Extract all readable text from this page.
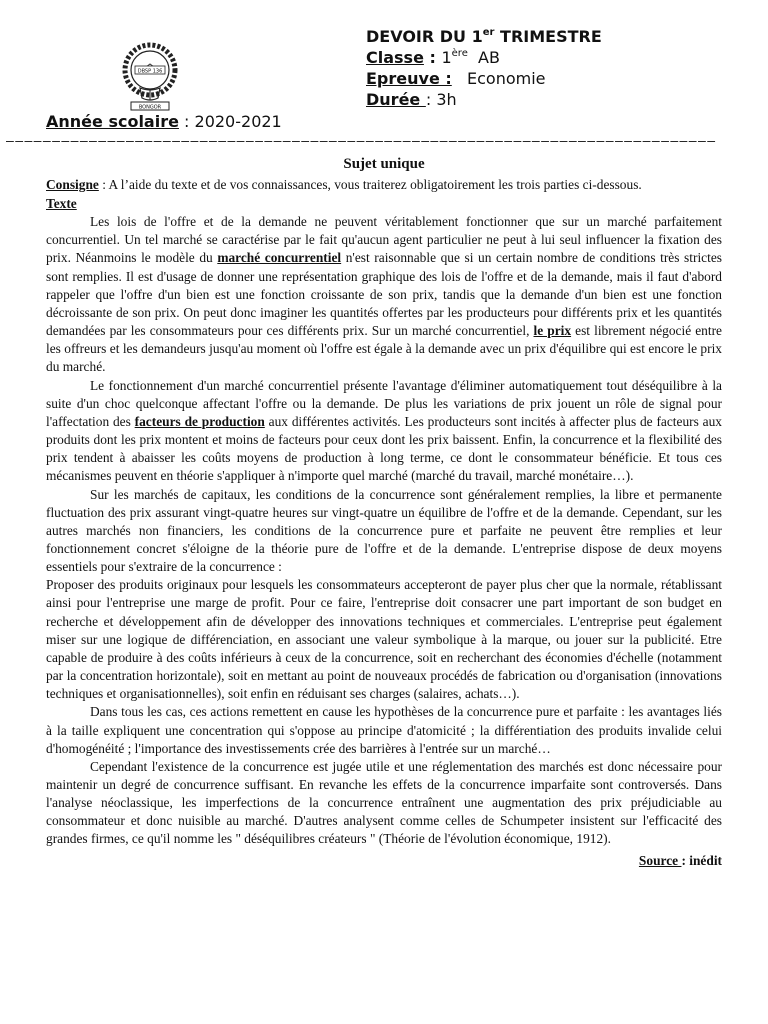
DBSP 136
BONGOR
DEVOIR DU 1er TRIMESTRE
Classe : 1ère  AB
Epreuve :   Economie
Durée : 3h
Année scolaire : 2020-2021
–––––––––––––––––––––––––––––––––––––––––––––––––––––––––––––––––––––––––––––
Sujet unique

Consigne : A l’aide du texte et de vos connaissances, vous traiterez obligatoirement les trois parties ci-dessous.

Texte

Les lois de l'offre et de la demande ne peuvent véritablement fonctionner que sur un marché parfaitement concurrentiel. Un tel marché se caractérise par le fait qu'aucun agent particulier ne peut à lui seul influencer la fixation des prix. Néanmoins le modèle du marché concurrentiel n'est raisonnable que si un certain nombre de conditions très strictes sont remplies. Il est d'usage de donner une représentation graphique des lois de l'offre et de la demande, mais il faut d'abord rappeler que l'offre d'un bien est une fonction croissante de son prix, tandis que la demande d'un bien est une fonction décroissante de son prix. On peut donc imaginer les quantités offertes par les producteurs pour différents prix et les quantités demandées par les consommateurs pour ces différents prix. Sur un marché concurrentiel, le prix est librement négocié entre les offreurs et les demandeurs jusqu'au moment où l'offre est égale à la demande avec un prix d'équilibre qui est encore le prix du marché.

Le fonctionnement d'un marché concurrentiel présente l'avantage d'éliminer automatiquement tout déséquilibre à la suite d'un choc quelconque affectant l'offre ou la demande. De plus les variations de prix jouent un rôle de signal pour l'affectation des facteurs de production aux différentes activités. Les producteurs sont incités à affecter plus de facteurs aux produits dont les prix montent et moins de facteurs pour ceux dont les prix baissent. Enfin, la concurrence et la flexibilité des prix tendent à abaisser les coûts moyens de production à long terme, ce dont le consommateur bénéficie. Et tous ces mécanismes peuvent en théorie s'appliquer à n'importe quel marché (marché du travail, marché monétaire…).

Sur les marchés de capitaux, les conditions de la concurrence sont généralement remplies, la libre et permanente fluctuation des prix assurant vingt-quatre heures sur vingt-quatre un équilibre de l'offre et de la demande. Cependant, sur les autres marchés non financiers, les conditions de la concurrence pure et parfaite ne peuvent être remplies et leur fonctionnement concret s'éloigne de la théorie pure de l'offre et de la demande. L'entreprise dispose de deux moyens essentiels pour s'extraire de la concurrence :

Proposer des produits originaux pour lesquels les consommateurs accepteront de payer plus cher que la normale, rétablissant ainsi pour l'entreprise une marge de profit. Pour ce faire, l'entreprise doit consacrer une part important de son budget en recherche et développement afin de développer des innovations techniques et commerciales. L'entreprise peut également miser sur une logique de différenciation, en associant une valeur symbolique à la marque, ou jouer sur la publicité. Etre capable de produire à des coûts inférieurs à ceux de la concurrence, soit en recherchant des économies d'échelle (notamment par la concentration horizontale), soit en mettant au point de nouveaux procédés de fabrication ou d'organisation (innovations techniques et organisationnelles), soit enfin en réduisant ses charges (salaires, achats…).

Dans tous les cas, ces actions remettent en cause les hypothèses de la concurrence pure et parfaite : les avantages liés à la taille expliquent une concentration qui s'oppose au principe d'atomicité ; la différentiation des produits invalide celui d'homogénéité ; l'importance des investissements crée des barrières à l'entrée sur un marché…

Cependant l'existence de la concurrence est jugée utile et une réglementation des marchés est donc nécessaire pour maintenir un degré de concurrence suffisant. En revanche les effets de la concurrence imparfaite sont controversés. Dans l'analyse néoclassique, les imperfections de la concurrence entraînent une augmentation des prix préjudiciable au consommateur et donc nuisible au marché. D'autres analysent comme celles de Schumpeter insistent sur l'efficacité des grandes firmes, ce qu'il nomme les " déséquilibres créateurs " (Théorie de l'évolution économique, 1912).

Source : inédit
